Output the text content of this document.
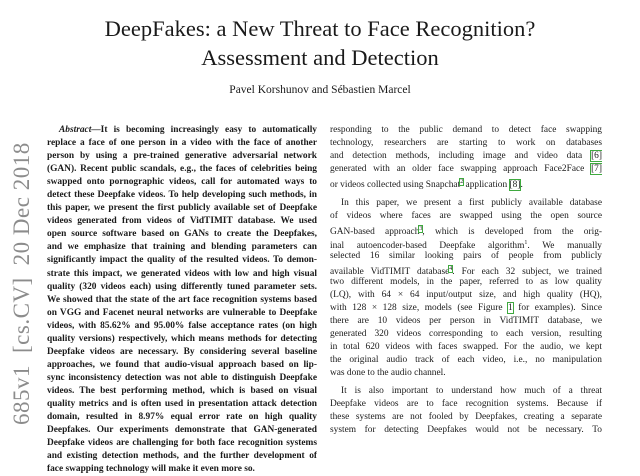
DeepFakes: a New Threat to Face Recognition?
Assessment and Detection
Pavel Korshunov and Sébastien Marcel
685v1[cs.CV]20 Dec 2018
Abstract—It is becoming increasingly easy to automatically
replace a face of one person in a video with the face of another
person by using a pre-trained generative adversarial network
(GAN). Recent public scandals, e.g., the faces of celebrities being
swapped onto pornographic videos, call for automated ways to
detect these Deepfake videos. To help developing such methods, in
this paper, we present the first publicly available set of Deepfake
videos generated from videos of VidTIMIT database. We used
open source software based on GANs to create the Deepfakes,
and we emphasize that training and blending parameters can
significantly impact the quality of the resulted videos. To demon-
strate this impact, we generated videos with low and high visual
quality (320 videos each) using differently tuned parameter sets.
We showed that the state of the art face recognition systems based
on VGG and Facenet neural networks are vulnerable to Deepfake
videos, with 85.62% and 95.00% false acceptance rates (on high
quality versions) respectively, which means methods for detecting
Deepfake videos are necessary. By considering several baseline
approaches, we found that audio-visual approach based on lip-
sync inconsistency detection was not able to distinguish Deepfake
videos. The best performing method, which is based on visual
quality metrics and is often used in presentation attack detection
domain, resulted in 8.97% equal error rate on high quality
Deepfakes. Our experiments demonstrate that GAN-generated
Deepfake videos are challenging for both face recognition systems
and existing detection methods, and the further development of
face swapping technology will make it even more so.
responding to the public demand to detect face swapping
technology, researchers are starting to work on databases
and detection methods, including image and video data [6]
generated with an older face swapping approach Face2Face [7]
or videos collected using Snapchat$^2$ application [8].
In this paper, we present a first publicly available database
of videos where faces are swapped using the open source
GAN-based approach$^3$, which is developed from the orig-
inal autoencoder-based Deepfake algorithm$^1$. We manually
selected 16 similar looking pairs of people from publicly
available VidTIMIT database$^4$. For each 32 subject, we trained
two different models, in the paper, referred to as low quality
(LQ), with 64 × 64 input/output size, and high quality (HQ),
with 128 × 128 size, models (see Figure 1 for examples). Since
there are 10 videos per person in VidTIMIT database, we
generated 320 videos corresponding to each version, resulting
in total 620 videos with faces swapped. For the audio, we kept
the original audio track of each video, i.e., no manipulation
was done to the audio channel.
It is also important to understand how much of a threat
Deepfake videos are to face recognition systems. Because if
these systems are not fooled by Deepfakes, creating a separate
system for detecting Deepfakes would not be necessary. To
